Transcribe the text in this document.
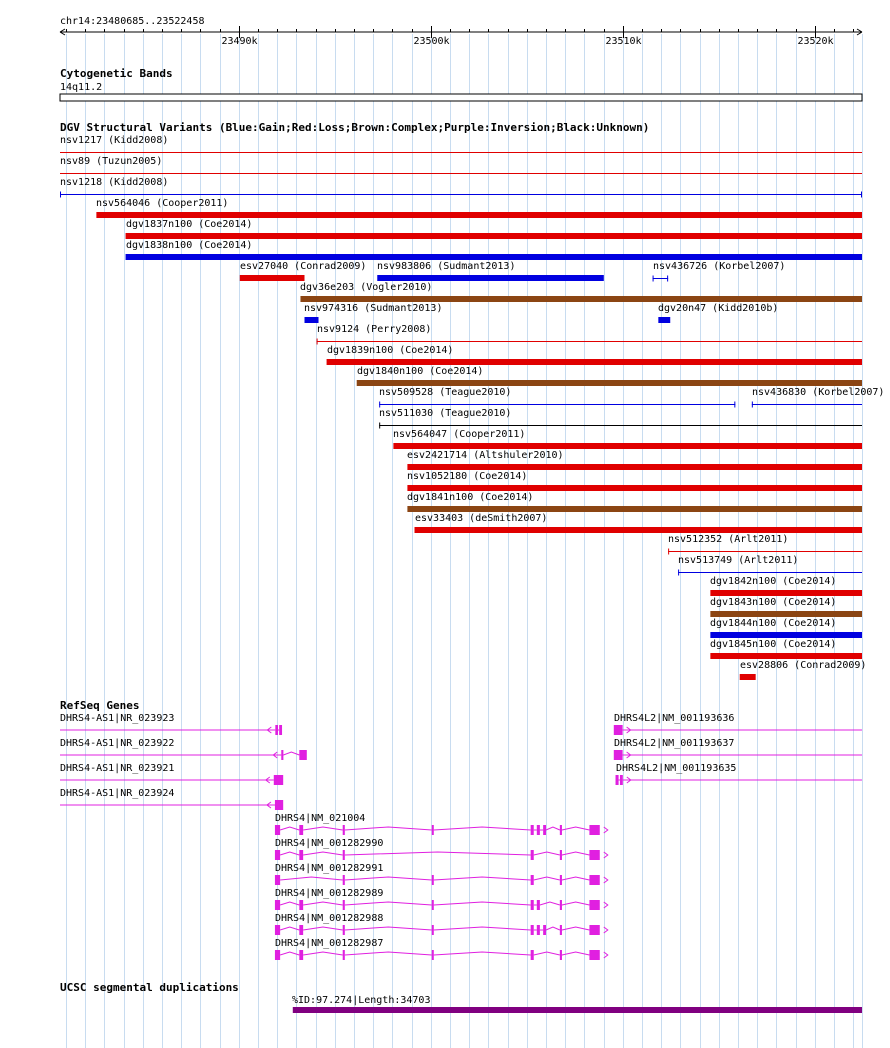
chr14:23480685..23522458
23490k	23500k	23510k	23520k
Cytogenetic Bands
14q11.2
DGV Structural Variants (Blue:Gain;Red:Loss;Brown:Complex;Purple:Inversion;Black:Unknown)
nsv1217 (Kidd2008)
nsv89 (Tuzun2005)
nsv1218 (Kidd2008)
nsv564046 (Cooper2011)
dgv1837n100 (Coe2014)
dgv1838n100 (Coe2014)
esv27040 (Conrad2009) nsv983806 (Sudmant2013)	nsv436726 (Korbel2007)
dgv36e203 (Vogler2010)
nsv974316 (Sudmant2013)	dgv20n47 (Kidd2010b)
nsv9124 (Perry2008)
dgv1839n100 (Coe2014)
dgv1840n100 (Coe2014)
nsv509528 (Teague2010)	nsv436830 (Korbel2007)
nsv511030 (Teague2010)
nsv564047 (Cooper2011)
esv2421714 (Altshuler2010)
nsv1052180 (Coe2014)
dgv1841n100 (Coe2014)
esv33403 (deSmith2007)
nsv512352 (Arlt2011)
nsv513749 (Arlt2011)
dgv1842n100 (Coe2014)
dgv1843n100 (Coe2014)
dgv1844n100 (Coe2014)
dgv1845n100 (Coe2014)
esv28806 (Conrad2009)
RefSeq Genes
DHRS4-AS1|NR_023923
DHRS4-AS1|NR_023922
DHRS4-AS1|NR_023921
DHRS4-AS1|NR_023924
DHRS4|NM_021004
DHRS4|NM_001282990
DHRS4|NM_001282991
DHRS4|NM_001282989
DHRS4|NM_001282988
DHRS4|NM_001282987
DHRS4L2|NM_001193636
DHRS4L2|NM_001193637
DHRS4L2|NM_001193635
UCSC segmental duplications
%ID:97.274|Length:34703
